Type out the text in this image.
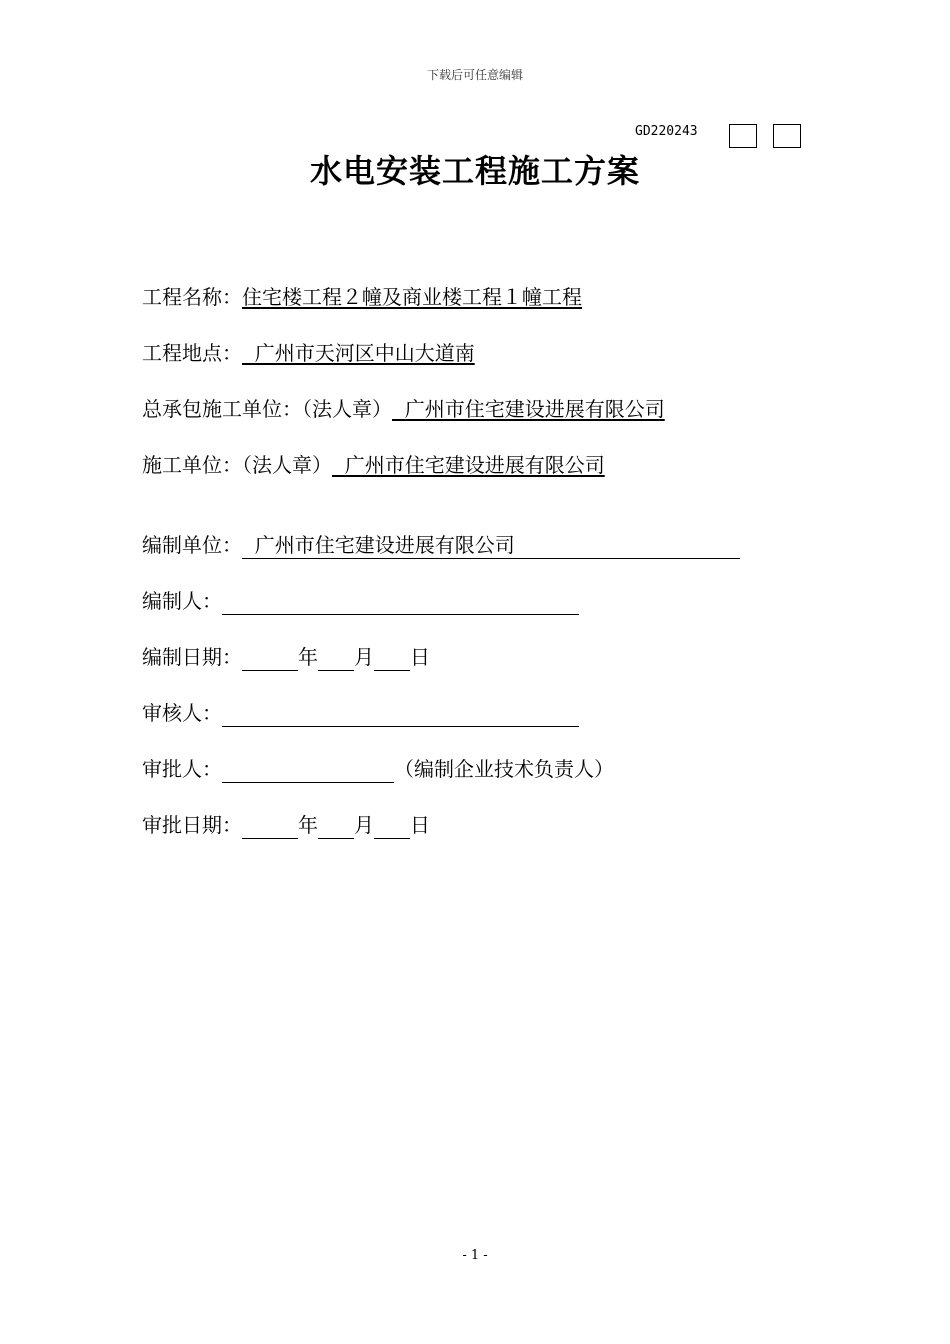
下载后可任意编辑
GD220243
水电安装工程施工方案
工程名称：住宅楼工程２幢及商业楼工程１幢工程
工程地点：  广州市天河区中山大道南
总承包施工单位：（法人章）  广州市住宅建设进展有限公司
施工单位：（法人章）  广州市住宅建设进展有限公司
编制单位：  广州市住宅建设进展有限公司
编制人：
编制日期：	年 月 日
审核人：
审批人：	（编制企业技术负责人）
审批日期：	年 月 日
- 1 -
